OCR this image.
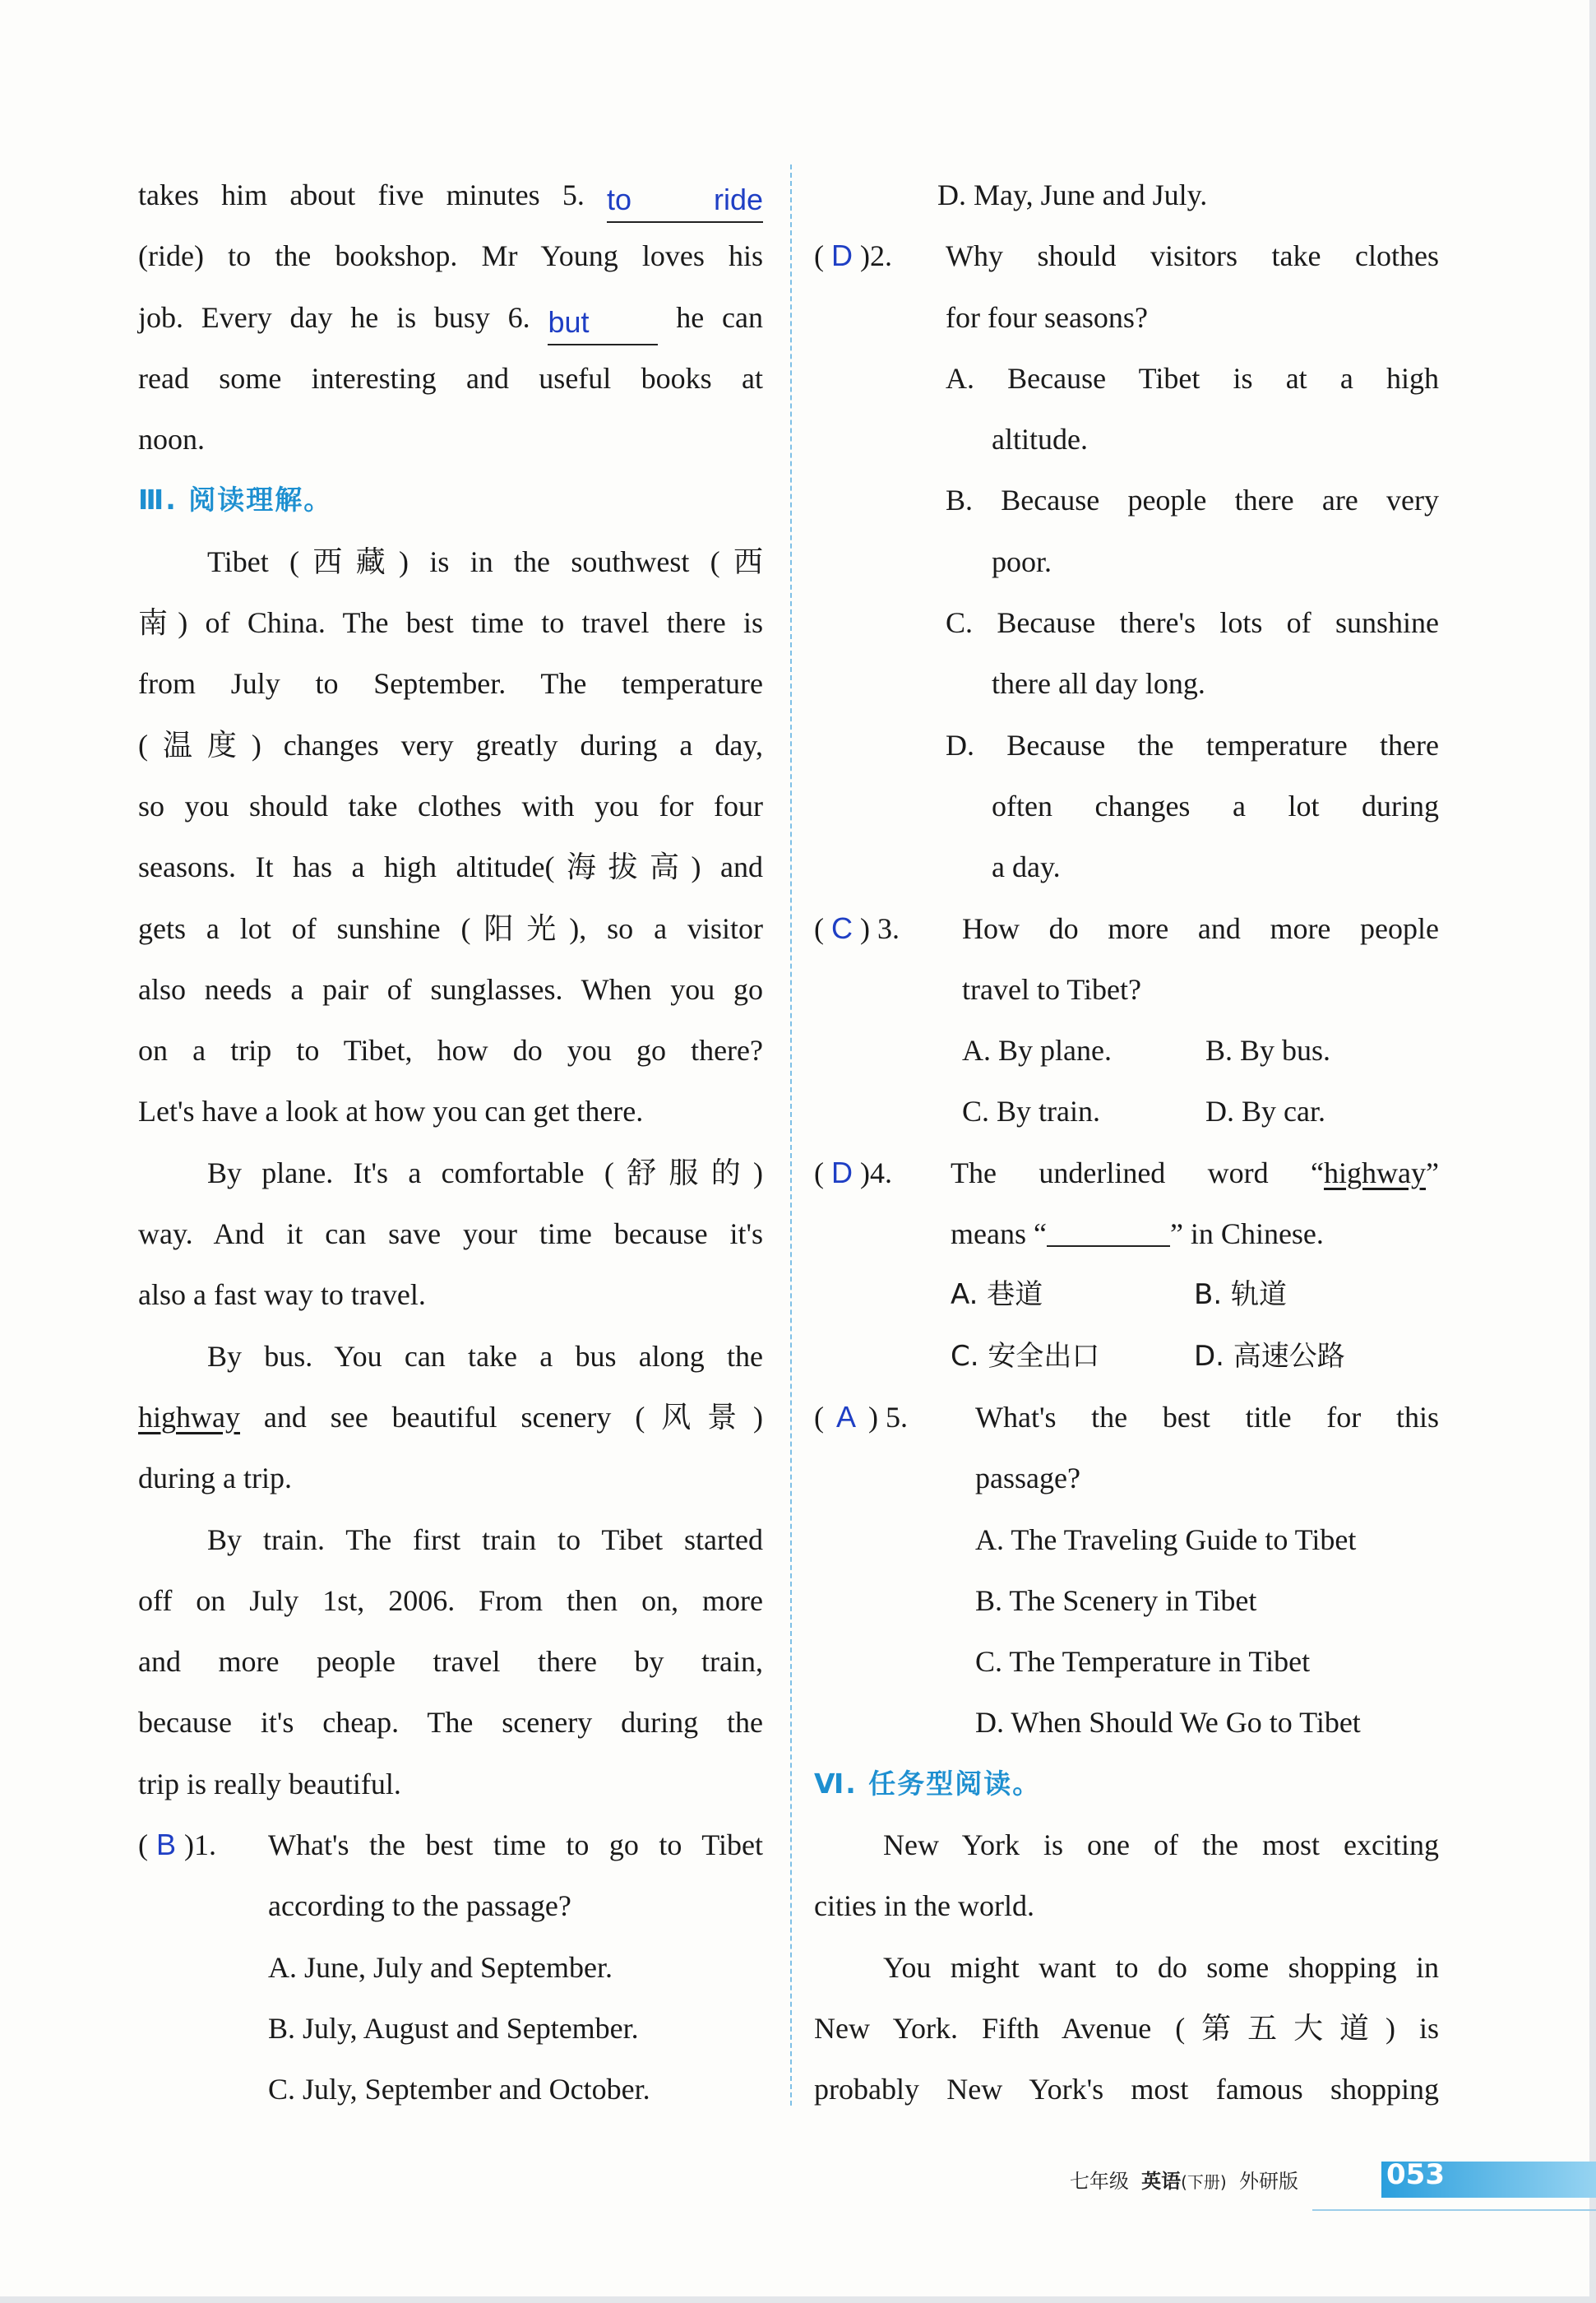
takes him about five minutes 5. to ride

(ride) to the bookshop. Mr Young loves his

job. Every day he is busy 6. but he can

read some interesting and useful books at

noon.

Ⅲ. 阅读理解。

Tibet (西藏) is in the southwest (西

南) of China. The best time to travel there is

from July to September. The temperature

(温度) changes very greatly during a day,

so you should take clothes with you for four

seasons. It has a high altitude(海拔高) and

gets a lot of sunshine (阳光), so a visitor

also needs a pair of sunglasses. When you go

on a trip to Tibet, how do you go there?

Let's have a look at how you can get there.

By plane. It's a comfortable (舒服的)

way. And it can save your time because it's

also a fast way to travel.

By bus. You can take a bus along the

highway and see beautiful scenery (风景)

during a trip.

By train. The first train to Tibet started

off on July 1st, 2006. From then on, more

and more people travel there by train,

because it's cheap. The scenery during the

trip is really beautiful.

( B )1. What's the best time to go to Tibet

according to the passage?

A. June, July and September.

B. July, August and September.

C. July, September and October.

D. May, June and July.

( D )2. Why should visitors take clothes

for four seasons?

A. Because Tibet is at a high

altitude.

B. Because people there are very

poor.

C. Because there's lots of sunshine

there all day long.

D. Because the temperature there

often changes a lot during

a day.

( C ) 3. How do more and more people

travel to Tibet?

A. By plane.	B. By bus.

C. By train.	D. By car.

( D )4. The underlined word “highway”

means “	” in Chinese.

A. 巷道	B. 轨道

C. 安全出口	D. 高速公路

( A ) 5. What's the best title for this

passage?

A. The Traveling Guide to Tibet

B. The Scenery in Tibet

C. The Temperature in Tibet

D. When Should We Go to Tibet

Ⅵ. 任务型阅读。

New York is one of the most exciting

cities in the world.

You might want to do some shopping in

New York. Fifth Avenue (第五大道) is

probably New York's most famous shopping

053
七年级 英语(下册) 外研版
